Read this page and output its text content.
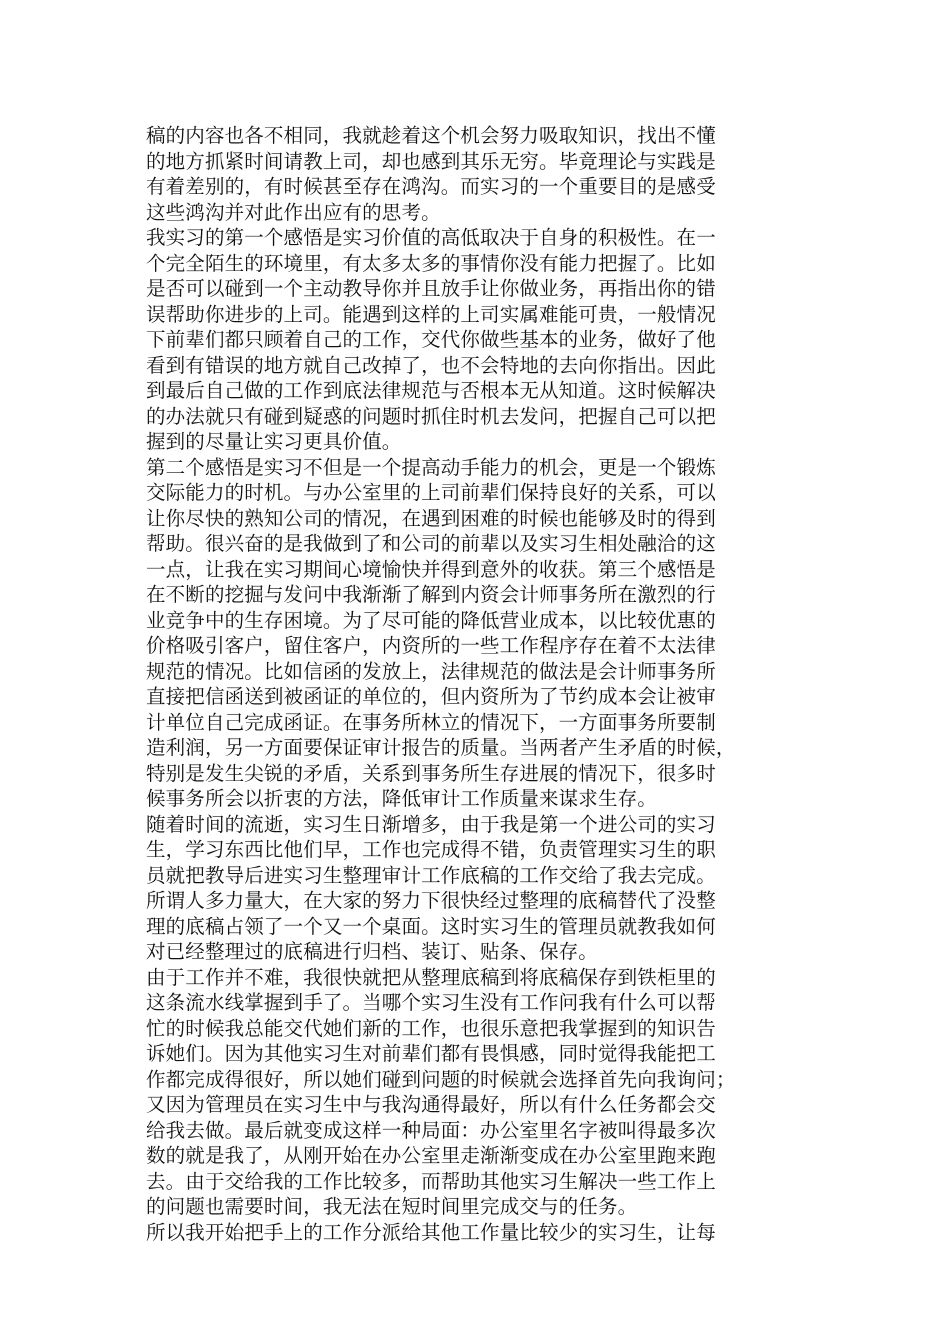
稿的内容也各不相同，我就趁着这个机会努力吸取知识，找出不懂
的地方抓紧时间请教上司，却也感到其乐无穷。毕竟理论与实践是
有着差别的，有时候甚至存在鸿沟。而实习的一个重要目的是感受
这些鸿沟并对此作出应有的思考。
我实习的第一个感悟是实习价值的高低取决于自身的积极性。在一
个完全陌生的环境里，有太多太多的事情你没有能力把握了。比如
是否可以碰到一个主动教导你并且放手让你做业务，再指出你的错
误帮助你进步的上司。能遇到这样的上司实属难能可贵，一般情况
下前辈们都只顾着自己的工作，交代你做些基本的业务，做好了他
看到有错误的地方就自己改掉了，也不会特地的去向你指出。因此
到最后自己做的工作到底法律规范与否根本无从知道。这时候解决
的办法就只有碰到疑惑的问题时抓住时机去发问，把握自己可以把
握到的尽量让实习更具价值。
第二个感悟是实习不但是一个提高动手能力的机会，更是一个锻炼
交际能力的时机。与办公室里的上司前辈们保持良好的关系，可以
让你尽快的熟知公司的情况，在遇到困难的时候也能够及时的得到
帮助。很兴奋的是我做到了和公司的前辈以及实习生相处融洽的这
一点，让我在实习期间心境愉快并得到意外的收获。第三个感悟是
在不断的挖掘与发问中我渐渐了解到内资会计师事务所在激烈的行
业竞争中的生存困境。为了尽可能的降低营业成本，以比较优惠的
价格吸引客户，留住客户，内资所的一些工作程序存在着不太法律
规范的情况。比如信函的发放上，法律规范的做法是会计师事务所
直接把信函送到被函证的单位的，但内资所为了节约成本会让被审
计单位自己完成函证。在事务所林立的情况下，一方面事务所要制
造利润，另一方面要保证审计报告的质量。当两者产生矛盾的时候，
特别是发生尖锐的矛盾，关系到事务所生存进展的情况下，很多时
候事务所会以折衷的方法，降低审计工作质量来谋求生存。
随着时间的流逝，实习生日渐增多，由于我是第一个进公司的实习
生，学习东西比他们早，工作也完成得不错，负责管理实习生的职
员就把教导后进实习生整理审计工作底稿的工作交给了我去完成。
所谓人多力量大，在大家的努力下很快经过整理的底稿替代了没整
理的底稿占领了一个又一个桌面。这时实习生的管理员就教我如何
对已经整理过的底稿进行归档、装订、贴条、保存。
由于工作并不难，我很快就把从整理底稿到将底稿保存到铁柜里的
这条流水线掌握到手了。当哪个实习生没有工作问我有什么可以帮
忙的时候我总能交代她们新的工作，也很乐意把我掌握到的知识告
诉她们。因为其他实习生对前辈们都有畏惧感，同时觉得我能把工
作都完成得很好，所以她们碰到问题的时候就会选择首先向我询问；
又因为管理员在实习生中与我沟通得最好，所以有什么任务都会交
给我去做。最后就变成这样一种局面：办公室里名字被叫得最多次
数的就是我了，从刚开始在办公室里走渐渐变成在办公室里跑来跑
去。由于交给我的工作比较多，而帮助其他实习生解决一些工作上
的问题也需要时间，我无法在短时间里完成交与的任务。
所以我开始把手上的工作分派给其他工作量比较少的实习生，让每
